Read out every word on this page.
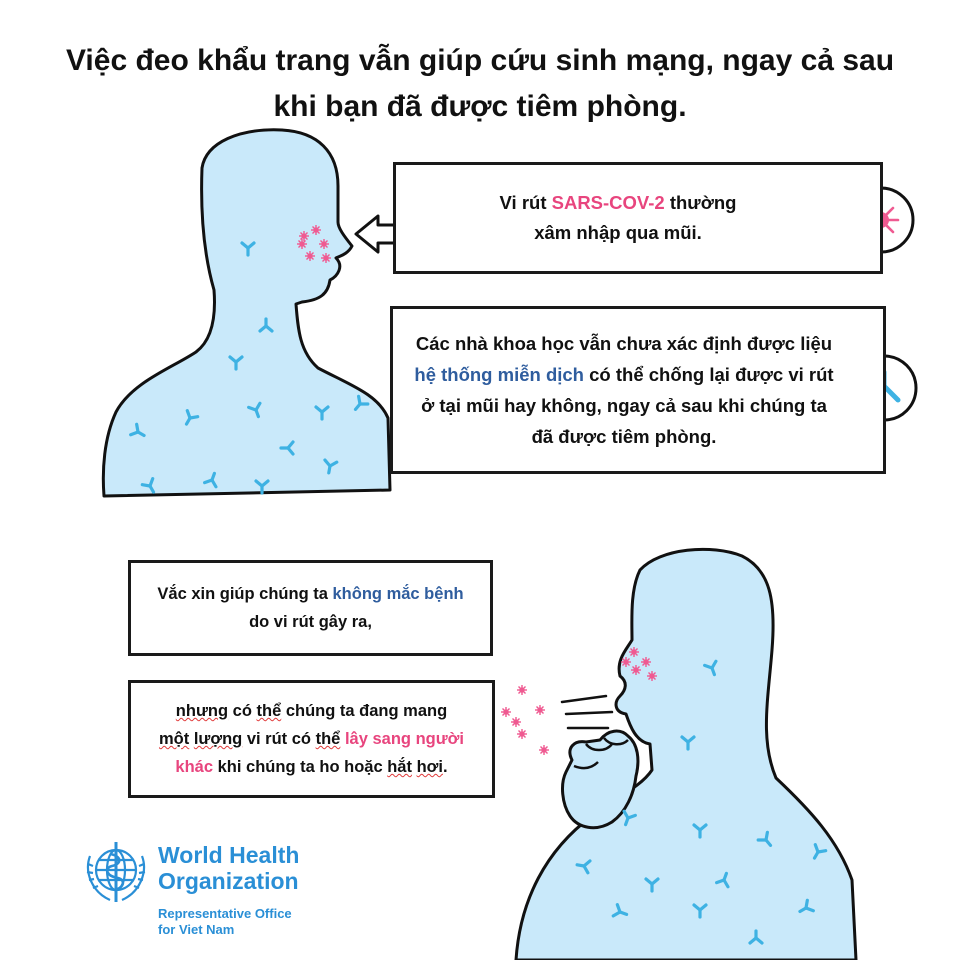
Việc đeo khẩu trang vẫn giúp cứu sinh mạng, ngay cả sau
khi bạn đã được tiêm phòng.
Vi rút SARS-COV-2 thường
xâm nhập qua mũi.
Các nhà khoa học vẫn chưa xác định được liệu hệ thống miễn dịch có thể chống lại được vi rút ở tại mũi hay không, ngay cả sau khi chúng ta đã được tiêm phòng.
Vắc xin giúp chúng ta không mắc bệnh
do vi rút gây ra,
nhưng có thể chúng ta đang mang
một lượng vi rút có thể lây sang người
khác khi chúng ta ho hoặc hắt hơi.
World Health
Organization
Representative Office
for Viet Nam
